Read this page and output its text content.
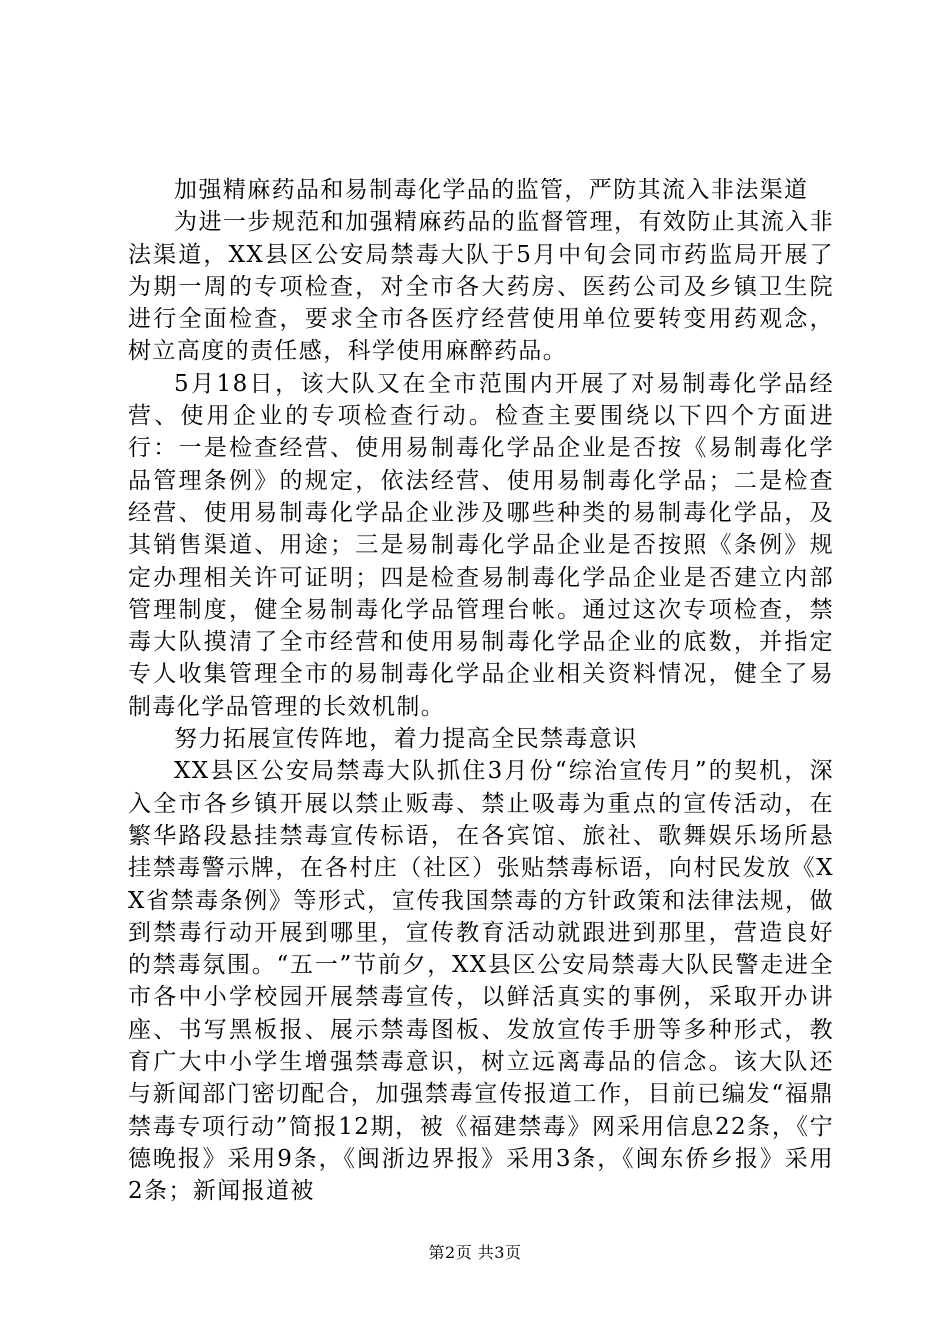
加强精麻药品和易制毒化学品的监管，严防其流入非法渠道

为进一步规范和加强精麻药品的监督管理，有效防止其流入非法渠道，XX县区公安局禁毒大队于5月中旬会同市药监局开展了为期一周的专项检查，对全市各大药房、医药公司及乡镇卫生院进行全面检查，要求全市各医疗经营使用单位要转变用药观念，树立高度的责任感，科学使用麻醉药品。

5月18日，该大队又在全市范围内开展了对易制毒化学品经营、使用企业的专项检查行动。检查主要围绕以下四个方面进行：一是检查经营、使用易制毒化学品企业是否按《易制毒化学品管理条例》的规定，依法经营、使用易制毒化学品；二是检查经营、使用易制毒化学品企业涉及哪些种类的易制毒化学品，及其销售渠道、用途；三是易制毒化学品企业是否按照《条例》规定办理相关许可证明；四是检查易制毒化学品企业是否建立内部管理制度，健全易制毒化学品管理台帐。通过这次专项检查，禁毒大队摸清了全市经营和使用易制毒化学品企业的底数，并指定专人收集管理全市的易制毒化学品企业相关资料情况，健全了易制毒化学品管理的长效机制。

努力拓展宣传阵地，着力提高全民禁毒意识

XX县区公安局禁毒大队抓住3月份“综治宣传月”的契机，深入全市各乡镇开展以禁止贩毒、禁止吸毒为重点的宣传活动，在繁华路段悬挂禁毒宣传标语，在各宾馆、旅社、歌舞娱乐场所悬挂禁毒警示牌，在各村庄（社区）张贴禁毒标语，向村民发放《XX省禁毒条例》等形式，宣传我国禁毒的方针政策和法律法规，做到禁毒行动开展到哪里，宣传教育活动就跟进到那里，营造良好的禁毒氛围。“五一”节前夕，XX县区公安局禁毒大队民警走进全市各中小学校园开展禁毒宣传，以鲜活真实的事例，采取开办讲座、书写黑板报、展示禁毒图板、发放宣传手册等多种形式，教育广大中小学生增强禁毒意识，树立远离毒品的信念。该大队还与新闻部门密切配合，加强禁毒宣传报道工作，目前已编发“福鼎禁毒专项行动”简报12期，被《福建禁毒》网采用信息22条，《宁德晚报》采用9条，《闽浙边界报》采用3条，《闽东侨乡报》采用2条；新闻报道被

第2页 共3页
